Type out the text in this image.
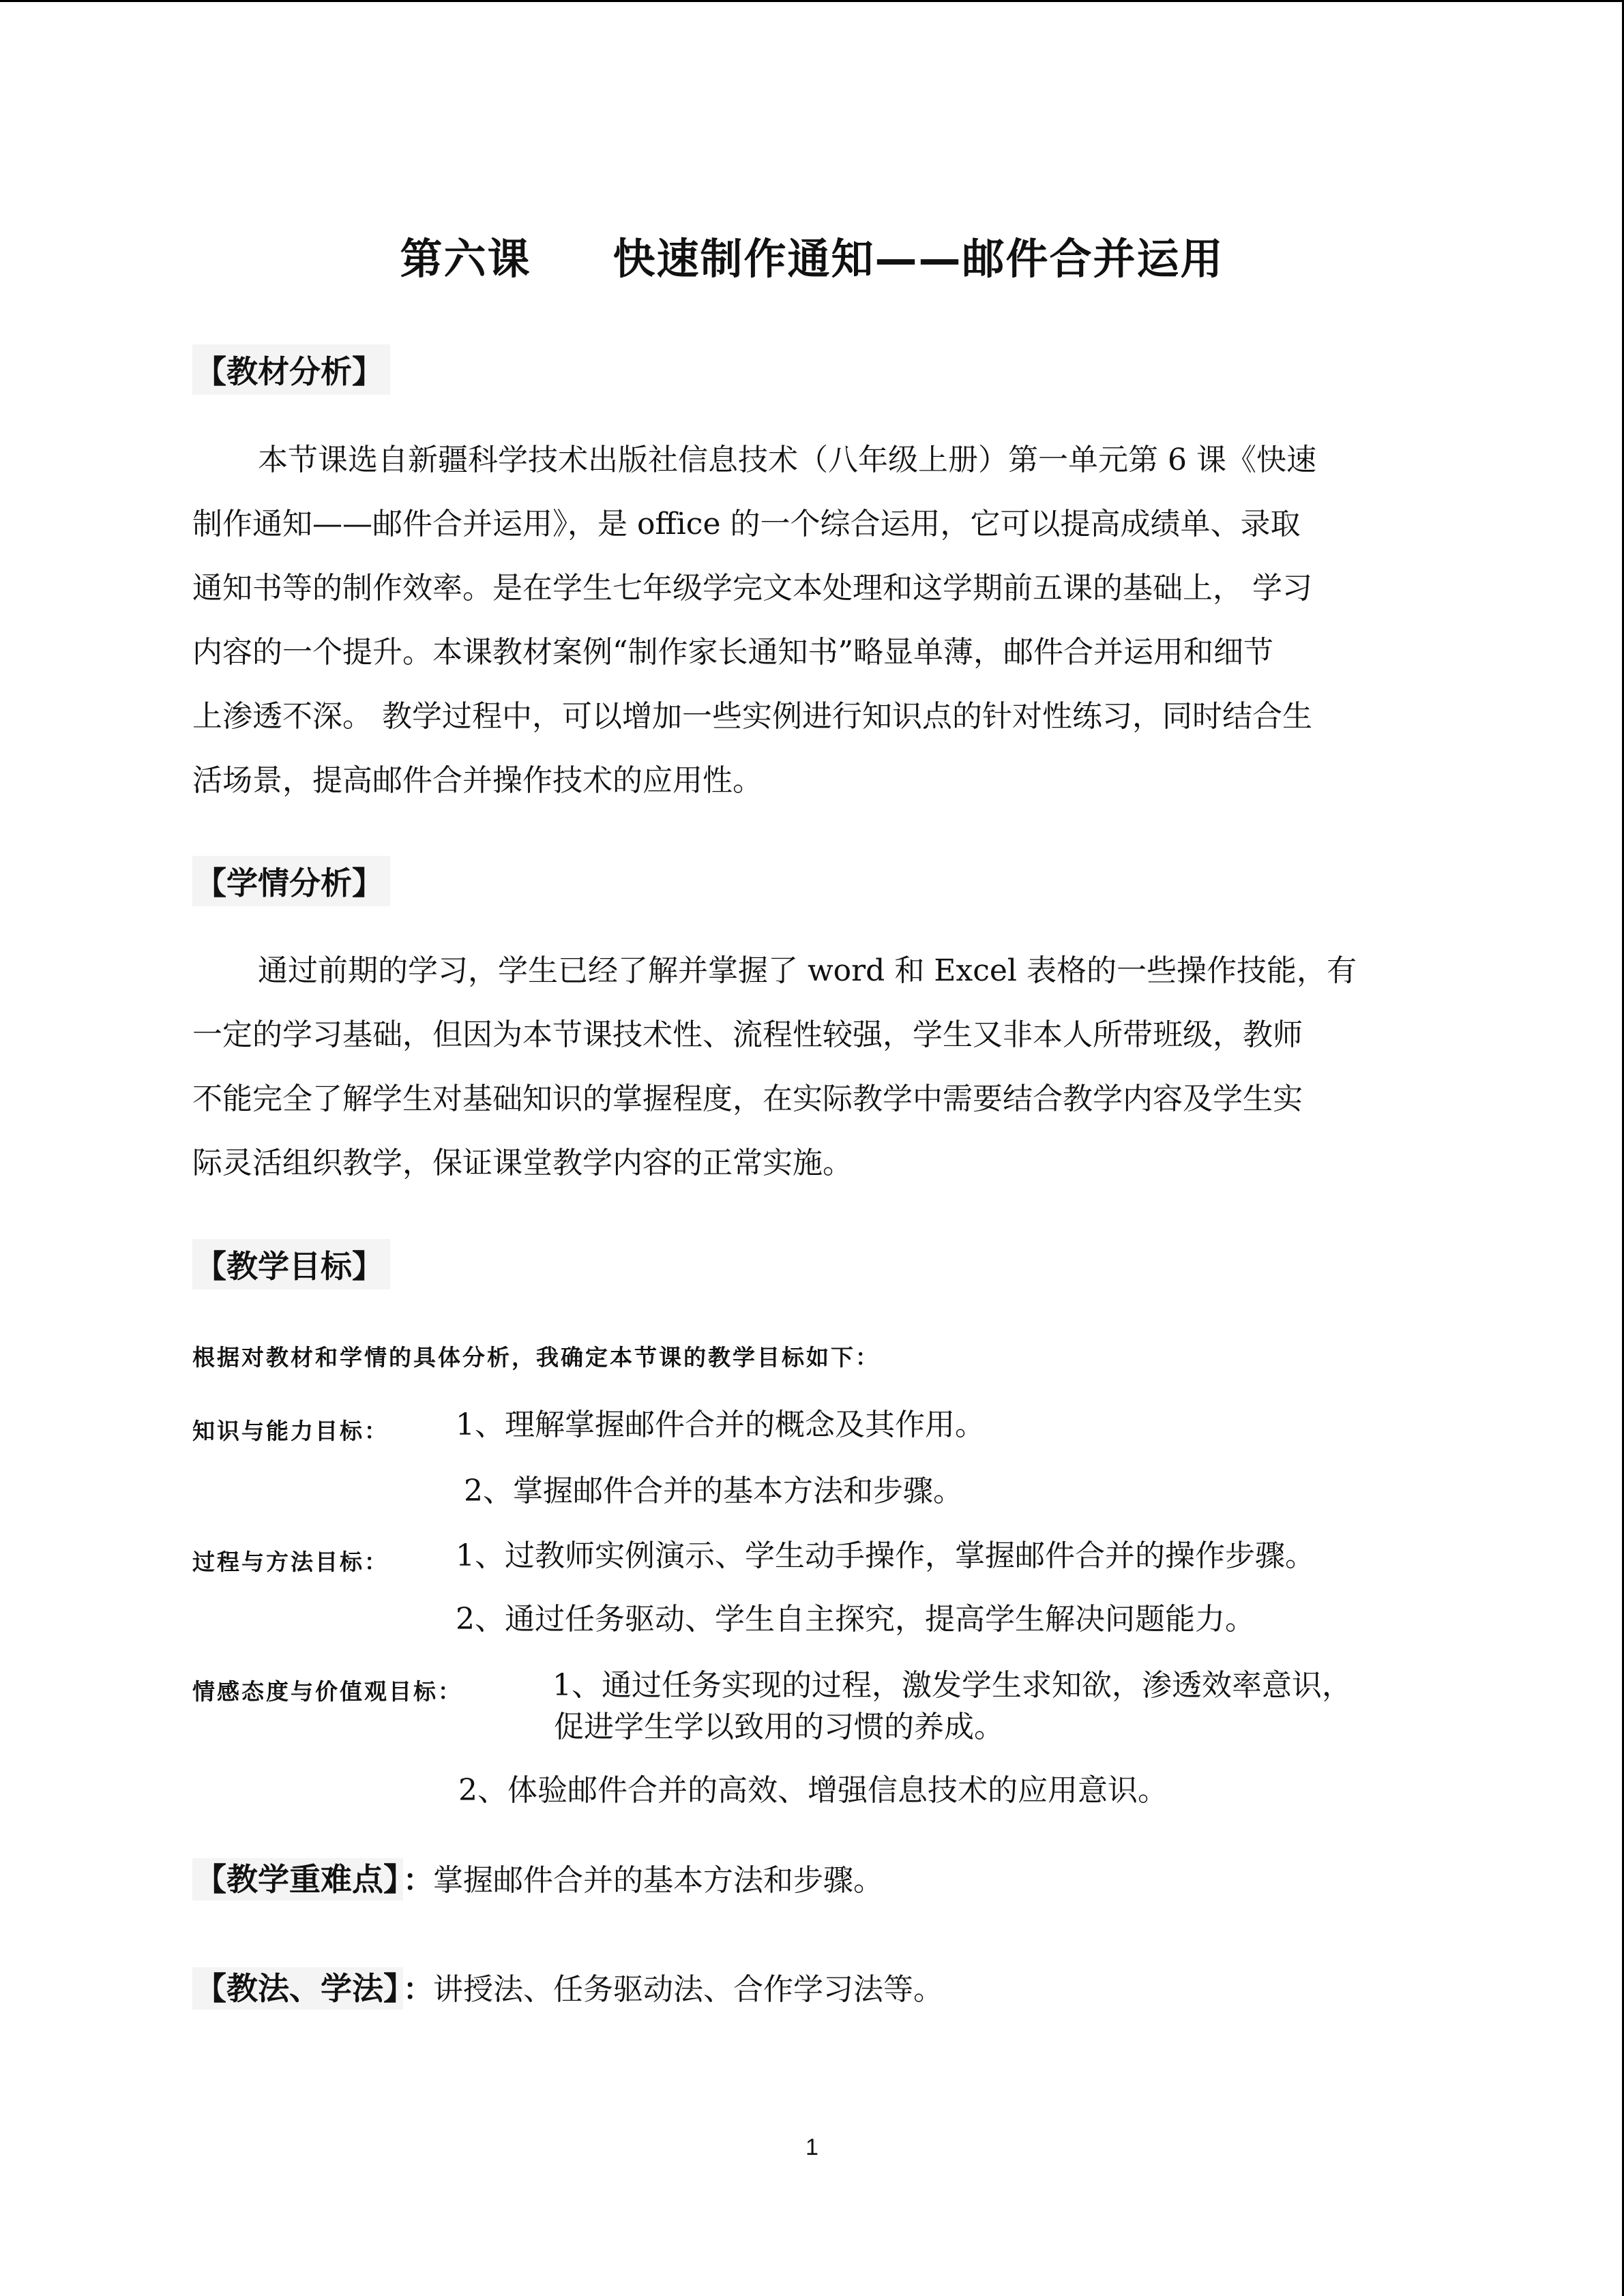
第六课 快速制作通知——邮件合并运用
【教材分析】
本节课选自新疆科学技术出版社信息技术（八年级上册）第一单元第 6 课《快速
制作通知——邮件合并运用》，是 office 的一个综合运用，它可以提高成绩单、录取
通知书等的制作效率。是在学生七年级学完文本处理和这学期前五课的基础上， 学习
内容的一个提升。本课教材案例“制作家长通知书”略显单薄，邮件合并运用和细节
上渗透不深。 教学过程中，可以增加一些实例进行知识点的针对性练习，同时结合生
活场景，提高邮件合并操作技术的应用性。
【学情分析】
通过前期的学习，学生已经了解并掌握了 word 和 Excel 表格的一些操作技能，有
一定的学习基础，但因为本节课技术性、流程性较强，学生又非本人所带班级，教师
不能完全了解学生对基础知识的掌握程度，在实际教学中需要结合教学内容及学生实
际灵活组织教学，保证课堂教学内容的正常实施。
【教学目标】
根据对教材和学情的具体分析，我确定本节课的教学目标如下：
知识与能力目标： 1、理解掌握邮件合并的概念及其作用。
2、掌握邮件合并的基本方法和步骤。
过程与方法目标： 1、过教师实例演示、学生动手操作，掌握邮件合并的操作步骤。
2、通过任务驱动、学生自主探究，提高学生解决问题能力。
情感态度与价值观目标：	1、通过任务实现的过程，激发学生求知欲，渗透效率意识，
促进学生学以致用的习惯的养成。
2、体验邮件合并的高效、增强信息技术的应用意识。
【教学重难点】 ：掌握邮件合并的基本方法和步骤。
【教法、学法】 ：讲授法、任务驱动法、合作学习法等。
1
